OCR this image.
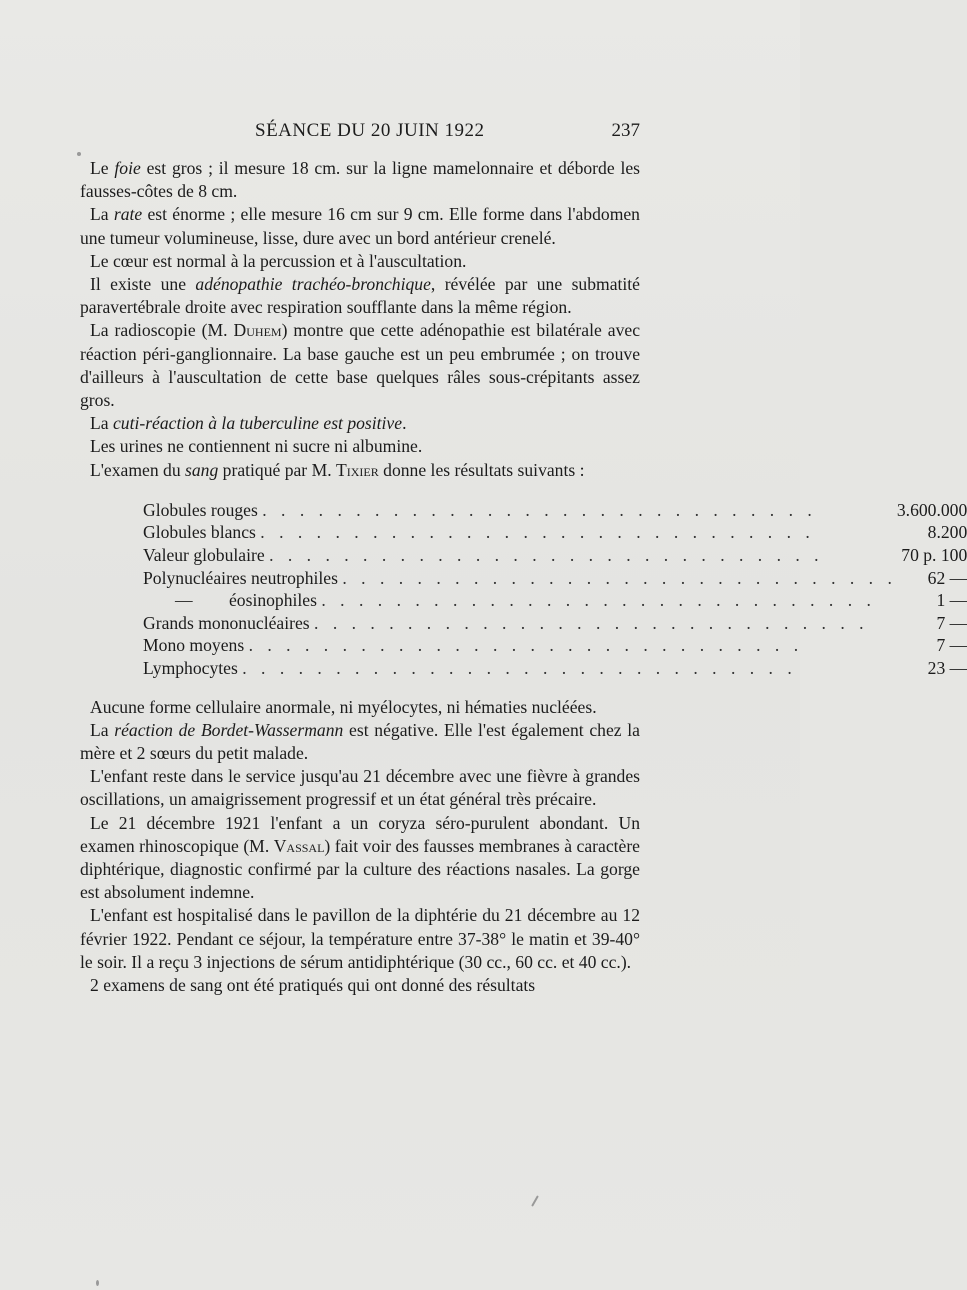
SÉANCE DU 20 JUIN 1922	237

Le foie est gros ; il mesure 18 cm. sur la ligne mamelonnaire et déborde les fausses-côtes de 8 cm.

La rate est énorme ; elle mesure 16 cm sur 9 cm. Elle forme dans l'abdomen une tumeur volumineuse, lisse, dure avec un bord antérieur crenelé.

Le cœur est normal à la percussion et à l'auscultation.

Il existe une adénopathie trachéo-bronchique, révélée par une submatité paravertébrale droite avec respiration soufflante dans la même région.

La radioscopie (M. Duhem) montre que cette adénopathie est bilatérale avec réaction péri-ganglionnaire. La base gauche est un peu embrumée ; on trouve d'ailleurs à l'auscultation de cette base quelques râles sous-crépitants assez gros.

La cuti-réaction à la tuberculine est positive.

Les urines ne contiennent ni sucre ni albumine.

L'examen du sang pratiqué par M. Tixier donne les résultats suivants :

Globules rouges . . .	3.600.000
Globules blancs . . .	8.200
Valeur globulaire . . .	70 p. 100
Polynucléaires neutrophiles . . .	62 —
— éosinophiles . . .	1 —
Grands mononucléaires . . .	7 —
Mono moyens . . .	7 —
Lymphocytes . . .	23 —

Aucune forme cellulaire anormale, ni myélocytes, ni hématies nucléées.

La réaction de Bordet-Wassermann est négative. Elle l'est également chez la mère et 2 sœurs du petit malade.

L'enfant reste dans le service jusqu'au 21 décembre avec une fièvre à grandes oscillations, un amaigrissement progressif et un état général très précaire.

Le 21 décembre 1921 l'enfant a un coryza séro-purulent abondant. Un examen rhinoscopique (M. Vassal) fait voir des fausses membranes à caractère diphtérique, diagnostic confirmé par la culture des réactions nasales. La gorge est absolument indemne.

L'enfant est hospitalisé dans le pavillon de la diphtérie du 21 décembre au 12 février 1922. Pendant ce séjour, la température entre 37-38° le matin et 39-40° le soir. Il a reçu 3 injections de sérum antidiphtérique (30 cc., 60 cc. et 40 cc.).

2 examens de sang ont été pratiqués qui ont donné des résultats
